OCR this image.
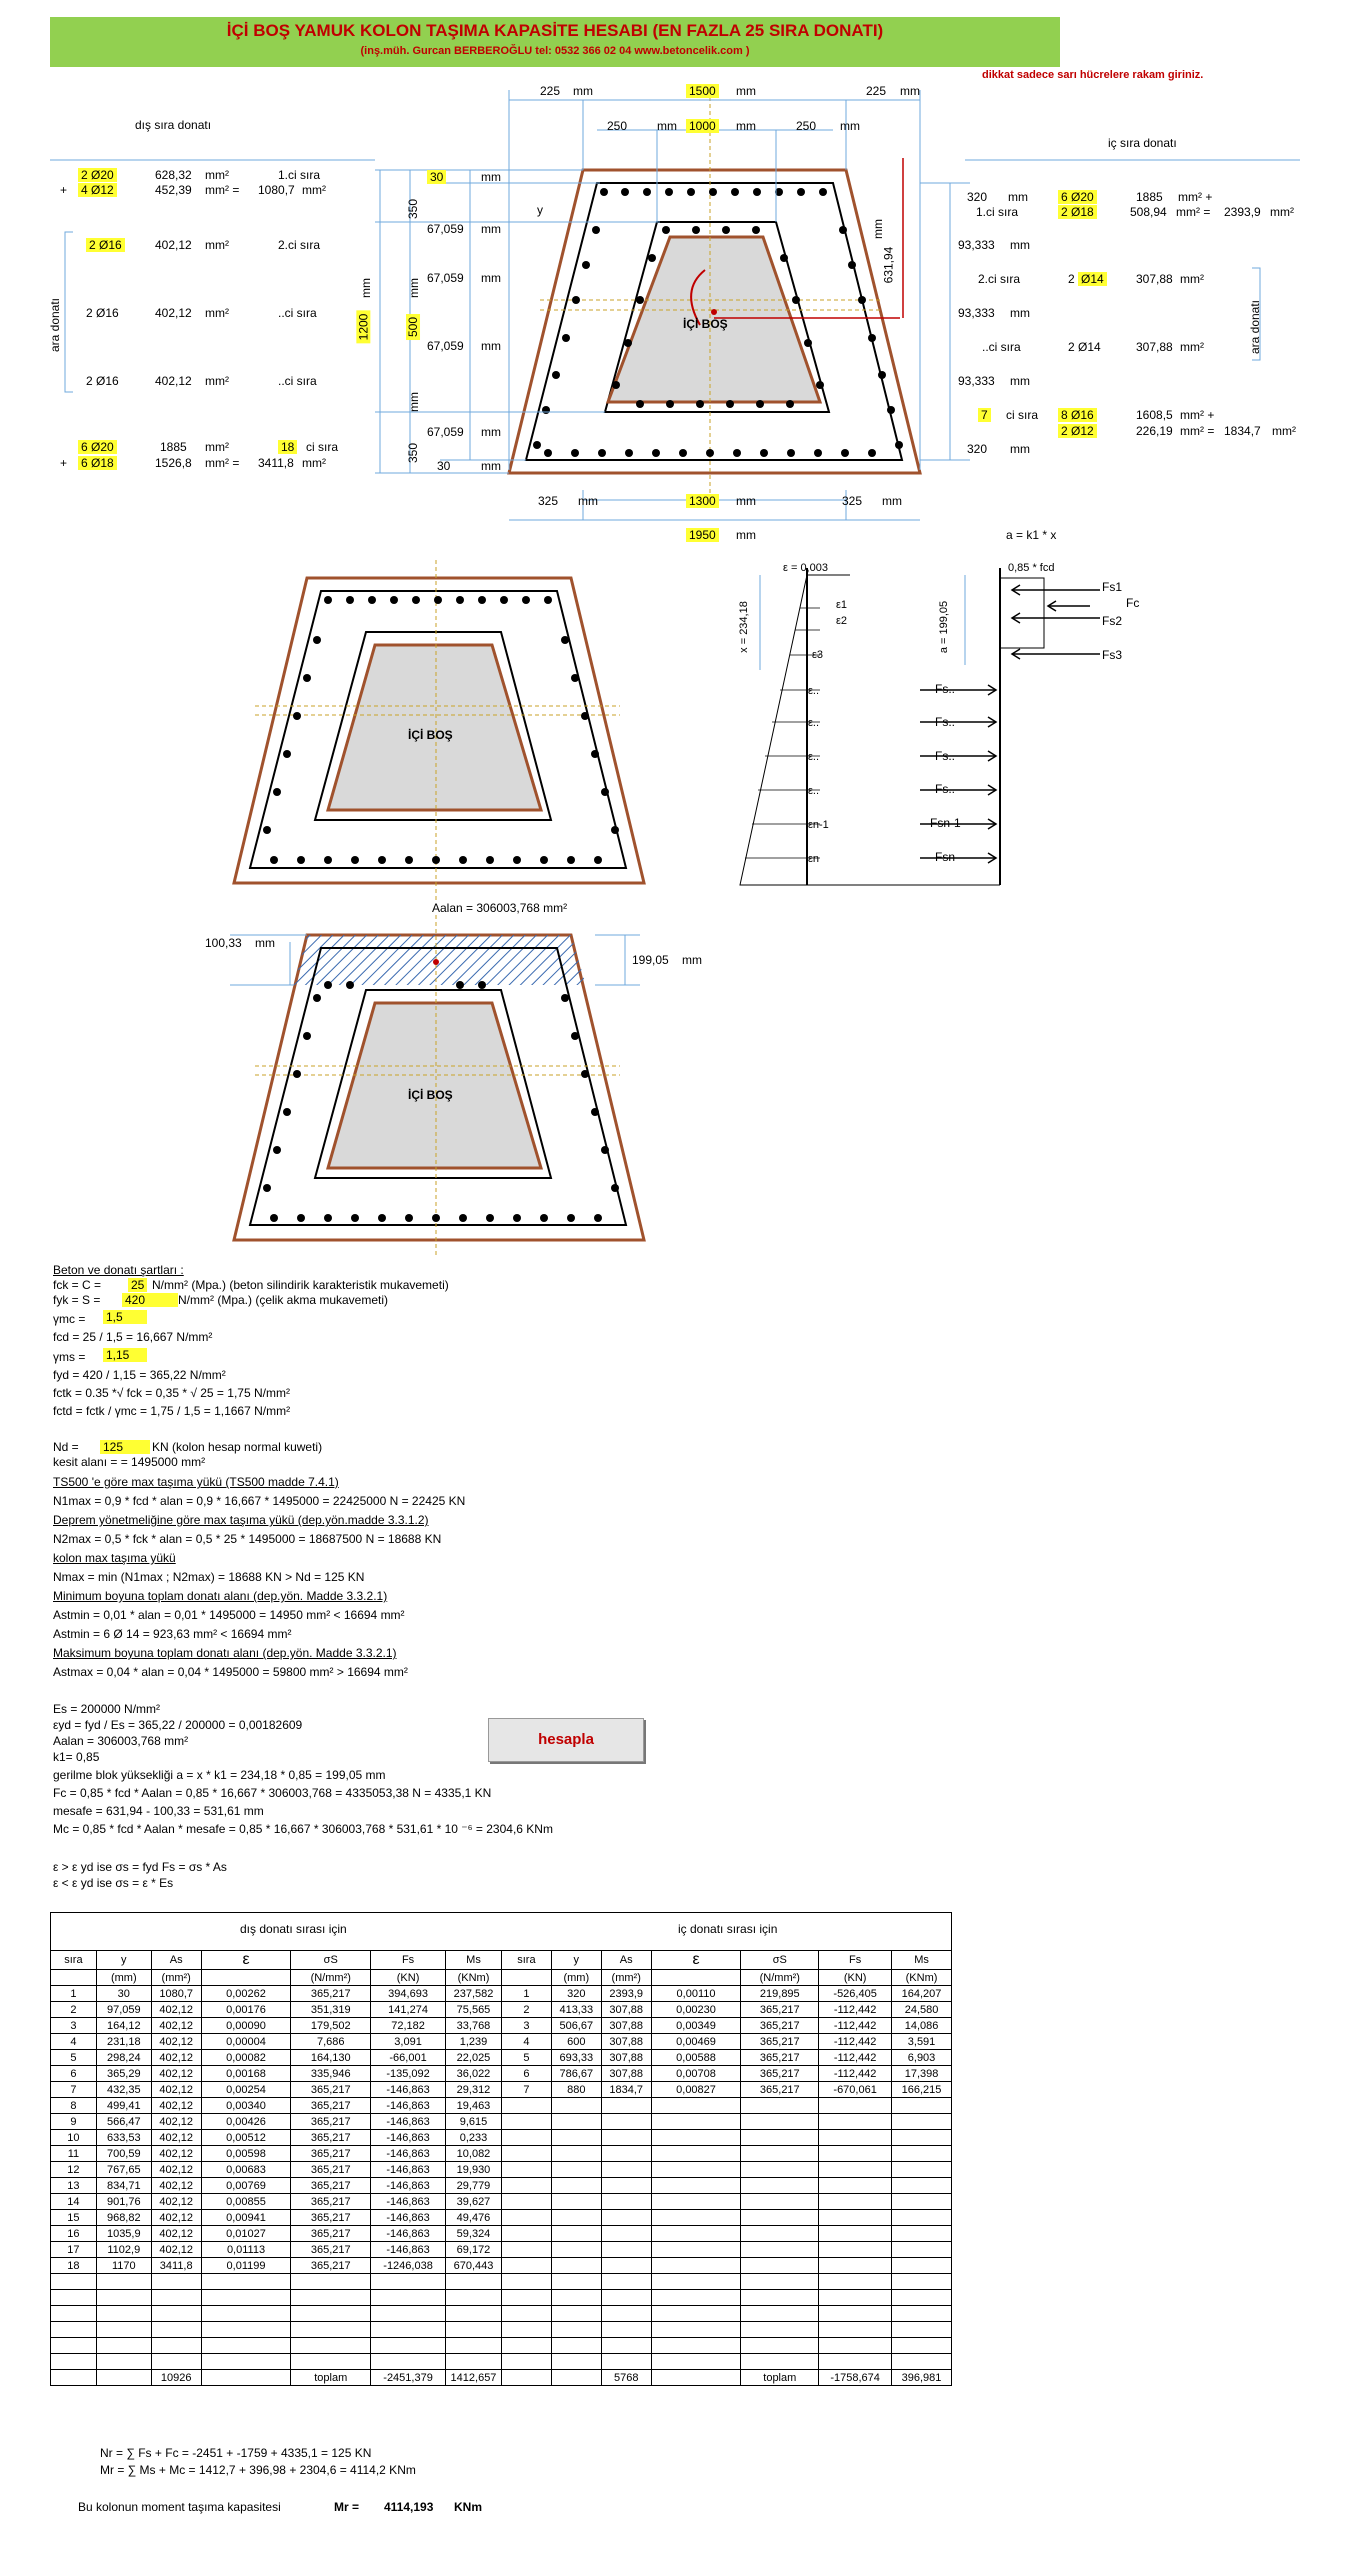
İÇİ BOŞ YAMUK KOLON TAŞIMA KAPASİTE HESABI (EN FAZLA 25 SIRA DONATI)
(inş.müh. Gurcan BERBEROĞLU tel: 0532 366 02 04 www.betoncelik.com )
dikkat sadece sarı hücrelere rakam giriniz.
225 mm	1500 mm	225 mm
250 mm 1000 mm	250 mm
30	mm
y
350
67,059 mm
67,059 mm
mm	mm
1200	500
67,059 mm
mm
67,059 mm
350
30	mm
mm
631,94
İÇİ BOŞ
325 mm	1300 mm	325 mm
1950 mm
dış sıra donatı
2 Ø20	628,32 mm²	1.ci sıra
+ 4 Ø12	452,39 mm² = 1080,7 mm²
ara donatı
2 Ø16	402,12 mm²	2.ci sıra
2 Ø16	402,12 mm²	..ci sıra
2 Ø16	402,12 mm²	..ci sıra
6 Ø20	1885 mm²	18 ci sıra
+ 6 Ø18	1526,8 mm² = 3411,8 mm²
iç sıra donatı
320 mm	6 Ø20	1885 mm² +
1.ci sıra	2 Ø18	508,94 mm² = 2393,9 mm²
93,333 mm
2.ci sıra	2 Ø14	307,88 mm²
93,333 mm	ara donatı
..ci sıra	2 Ø14	307,88 mm²
93,333 mm
7 ci sıra 8 Ø16	1608,5 mm² +
2 Ø12	226,19 mm² = 1834,7 mm²
320 mm
a = k1 * x
İÇİ BOŞ
ε = 0,003	0,85 * fcd
x = 234,18	a = 199,05
ε1
ε2
ε3
ε..
ε..
ε..
ε..
εn-1
εn
Fs1
Fc
Fs2
Fs3
Fs..
Fs..
Fs..
Fs..
Fsn-1
Fsn
Aalan = 306003,768 mm²
100,33 mm
199,05 mm
İÇİ BOŞ
Beton ve donatı şartları :
fck = C = 25 N/mm² (Mpa.) (beton silindirik karakteristik mukavemeti)
fyk = S = 420	N/mm² (Mpa.) (çelik akma mukavemeti)
γmc = 1,5
fcd = 25 / 1,5 = 16,667 N/mm²
γms = 1,15
fyd = 420 / 1,15 = 365,22 N/mm²
fctk = 0.35 *√ fck = 0,35 * √ 25 = 1,75 N/mm²
fctd = fctk / γmc = 1,75 / 1,5 = 1,1667 N/mm²
Nd = 125	KN (kolon hesap normal kuweti)
kesit alanı = = 1495000 mm²
TS500 'e göre max taşıma yükü (TS500 madde 7.4.1)
N1max = 0,9 * fcd * alan = 0,9 * 16,667 * 1495000 = 22425000 N = 22425 KN
Deprem yönetmeliğine göre max taşıma yükü (dep.yön.madde 3.3.1.2)
N2max = 0,5 * fck * alan = 0,5 * 25 * 1495000 = 18687500 N = 18688 KN
kolon max taşıma yükü
Nmax = min (N1max ; N2max) = 18688 KN > Nd = 125 KN
Minimum boyuna toplam donatı alanı (dep.yön. Madde 3.3.2.1)
Astmin = 0,01 * alan = 0,01 * 1495000 = 14950 mm² < 16694 mm²
Astmin = 6 Ø 14 = 923,63 mm² < 16694 mm²
Maksimum boyuna toplam donatı alanı (dep.yön. Madde 3.3.2.1)
Astmax = 0,04 * alan = 0,04 * 1495000 = 59800 mm² > 16694 mm²
Es = 200000 N/mm²
εyd = fyd / Es = 365,22 / 200000 = 0,00182609
Aalan = 306003,768 mm²
k1= 0,85
gerilme blok yüksekliği a = x * k1 = 234,18 * 0,85 = 199,05 mm
Fc = 0,85 * fcd * Aalan = 0,85 * 16,667 * 306003,768 = 4335053,38 N = 4335,1 KN
mesafe = 631,94 - 100,33 = 531,61 mm
Mc = 0,85 * fcd * Aalan * mesafe = 0,85 * 16,667 * 306003,768 * 531,61 * 10 ⁻⁶ = 2304,6 KNm
ε > ε yd ise σs = fyd Fs = σs * As
ε < ε yd ise σs = ε * Es
hesapla
dış donatı sırası için	iç donatı sırası için
sıra	y	As	ε	σS	Fs	Ms
	(mm)	(mm²)		(N/mm²)	(KN)	(KNm)
1	30	1080,7	0,00262	365,217	394,693	237,582
2	97,059	402,12	0,00176	351,319	141,274	75,565
3	164,12	402,12	0,00090	179,502	72,182	33,768
4	231,18	402,12	0,00004	7,686	3,091	1,239
5	298,24	402,12	0,00082	164,130	-66,001	22,025
6	365,29	402,12	0,00168	335,946	-135,092	36,022
7	432,35	402,12	0,00254	365,217	-146,863	29,312
8	499,41	402,12	0,00340	365,217	-146,863	19,463
9	566,47	402,12	0,00426	365,217	-146,863	9,615
10	633,53	402,12	0,00512	365,217	-146,863	0,233
11	700,59	402,12	0,00598	365,217	-146,863	10,082
12	767,65	402,12	0,00683	365,217	-146,863	19,930
13	834,71	402,12	0,00769	365,217	-146,863	29,779
14	901,76	402,12	0,00855	365,217	-146,863	39,627
15	968,82	402,12	0,00941	365,217	-146,863	49,476
16	1035,9	402,12	0,01027	365,217	-146,863	59,324
17	1102,9	402,12	0,01113	365,217	-146,863	69,172
18	1170	3411,8	0,01199	365,217	-1246,038	670,443

		10926		toplam	-2451,379	1412,657
sıra	y	As	ε	σS	Fs	Ms
	(mm)	(mm²)		(N/mm²)	(KN)	(KNm)
1	320	2393,9	0,00110	219,895	-526,405	164,207
2	413,33	307,88	0,00230	365,217	-112,442	24,580
3	506,67	307,88	0,00349	365,217	-112,442	14,086
4	600	307,88	0,00469	365,217	-112,442	3,591
5	693,33	307,88	0,00588	365,217	-112,442	6,903
6	786,67	307,88	0,00708	365,217	-112,442	17,398
7	880	1834,7	0,00827	365,217	-670,061	166,215

		5768		toplam	-1758,674	396,981
Nr = ∑ Fs + Fc = -2451 + -1759 + 4335,1 = 125 KN
Mr = ∑ Ms + Mc = 1412,7 + 396,98 + 2304,6 = 4114,2 KNm
Bu kolonun moment taşıma kapasitesi	Mr = 4114,193 KNm
